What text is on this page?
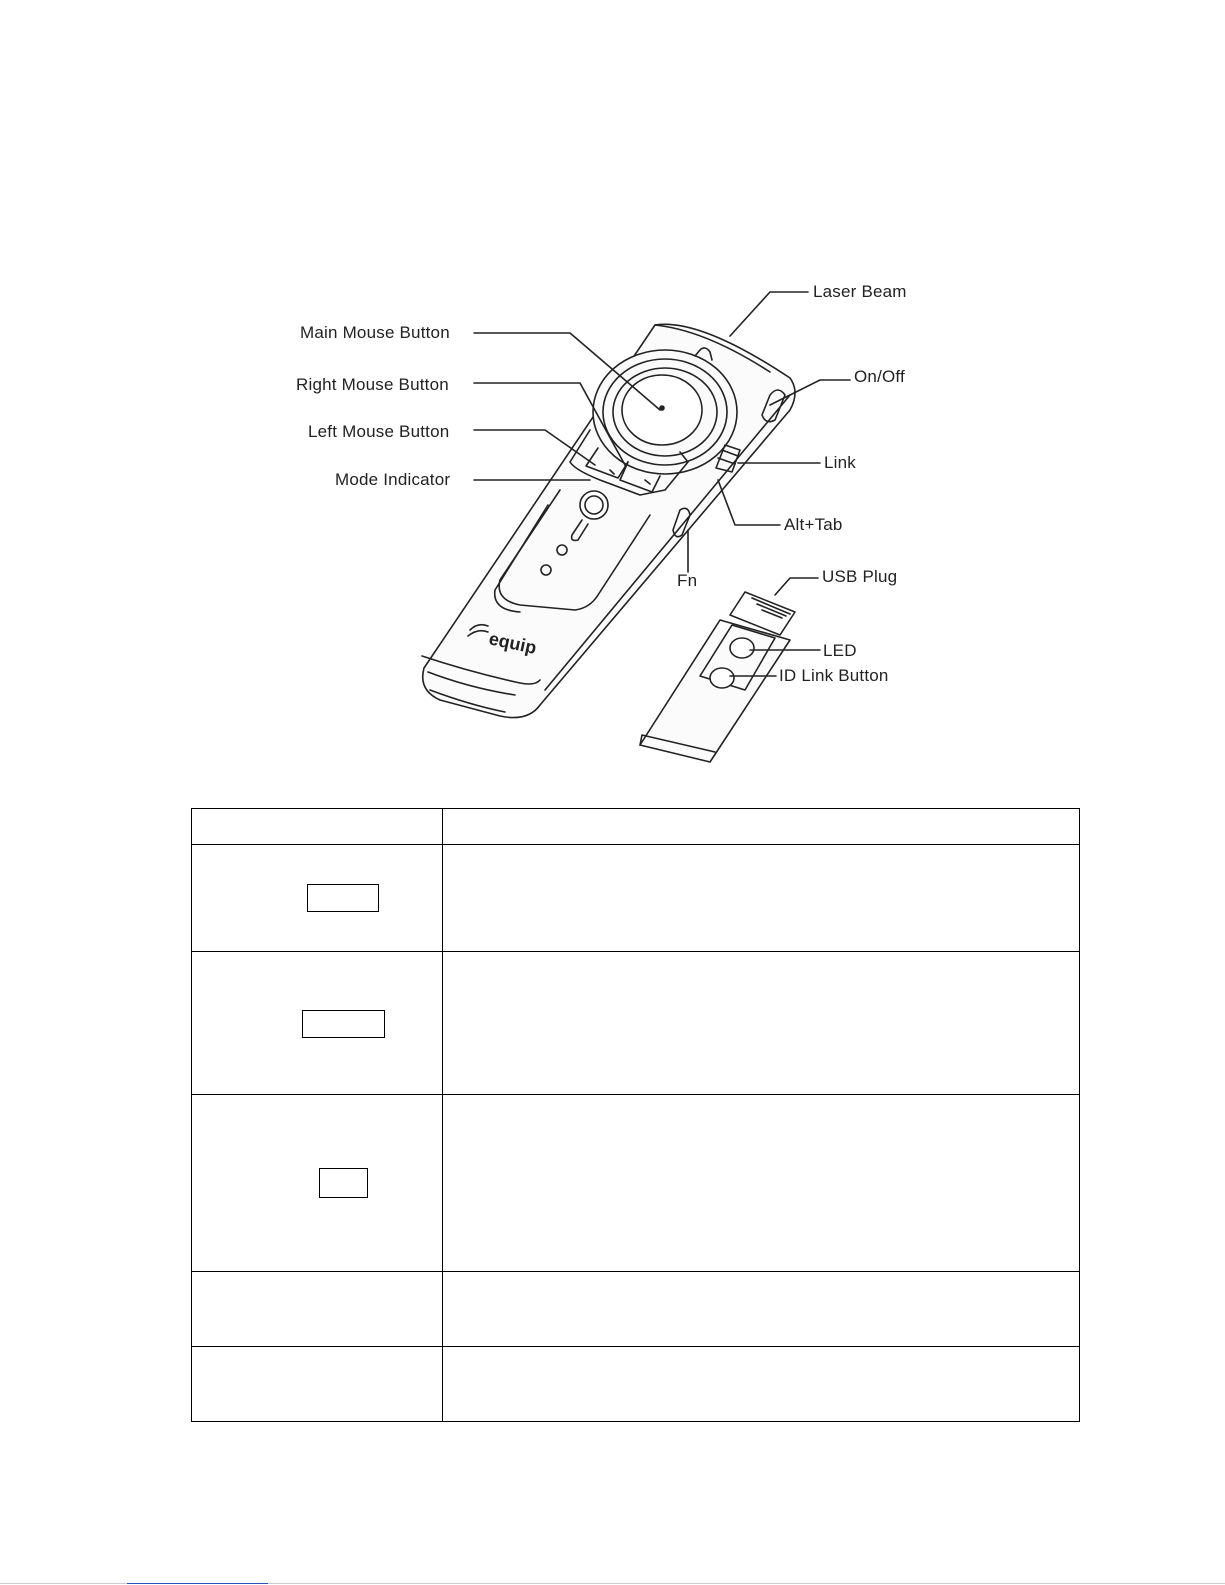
equip
Laser Beam
Main Mouse Button
Right Mouse Button
Left Mouse Button
Mode Indicator
On/Off
Link
Alt+Tab
Fn	USB Plug
LED
ID Link Button
